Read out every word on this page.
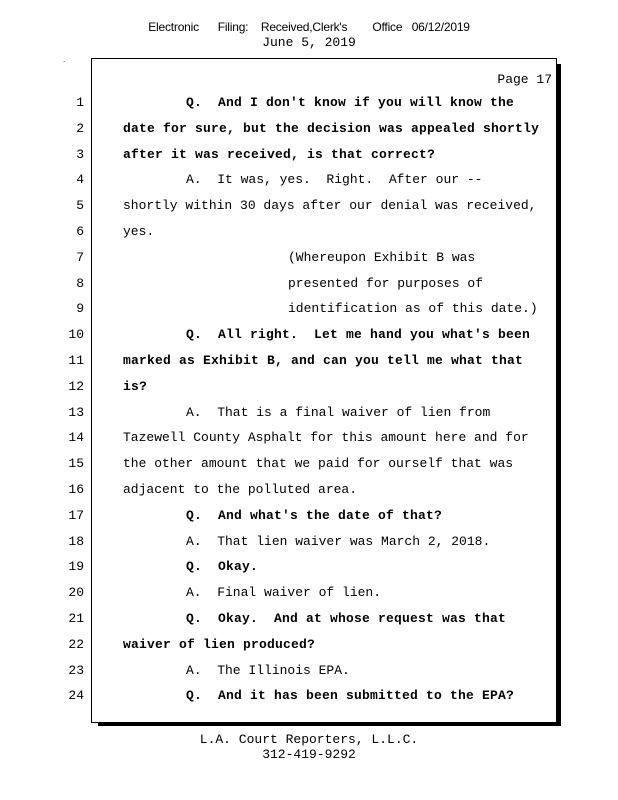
Electronic      Filing:    Received,Clerk's        Office   06/12/2019
June 5, 2019
.
Page 17
1	Q.  And I don't know if you will know the
2	date for sure, but the decision was appealed shortly
3	after it was received, is that correct?
4	A.  It was, yes.  Right.  After our --
5	shortly within 30 days after our denial was received,
6	yes.
7	(Whereupon Exhibit B was
8	presented for purposes of
9	identification as of this date.)
10	Q.  All right.  Let me hand you what's been
11	marked as Exhibit B, and can you tell me what that
12	is?
13	A.  That is a final waiver of lien from
14	Tazewell County Asphalt for this amount here and for
15	the other amount that we paid for ourself that was
16	adjacent to the polluted area.
17	Q.  And what's the date of that?
18	A.  That lien waiver was March 2, 2018.
19	Q.  Okay.
20	A.  Final waiver of lien.
21	Q.  Okay.  And at whose request was that
22	waiver of lien produced?
23	A.  The Illinois EPA.
24	Q.  And it has been submitted to the EPA?
L.A. Court Reporters, L.L.C.
312-419-9292
